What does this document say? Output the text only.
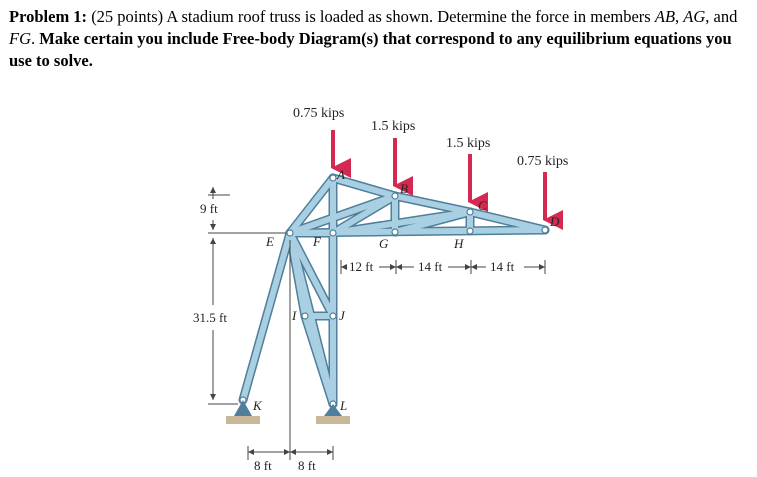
Problem 1: (25 points) A stadium roof truss is loaded as shown. Determine the force in members AB, AG, and FG. Make certain you include Free-body Diagram(s) that correspond to any equilibrium equations you use to solve.
0.75 kips
1.5 kips
1.5 kips
0.75 kips
A
B
C
D
E	F	G	H
I	J
K	L
9 ft
31.5 ft
12 ft	14 ft	14 ft
8 ft 8 ft
